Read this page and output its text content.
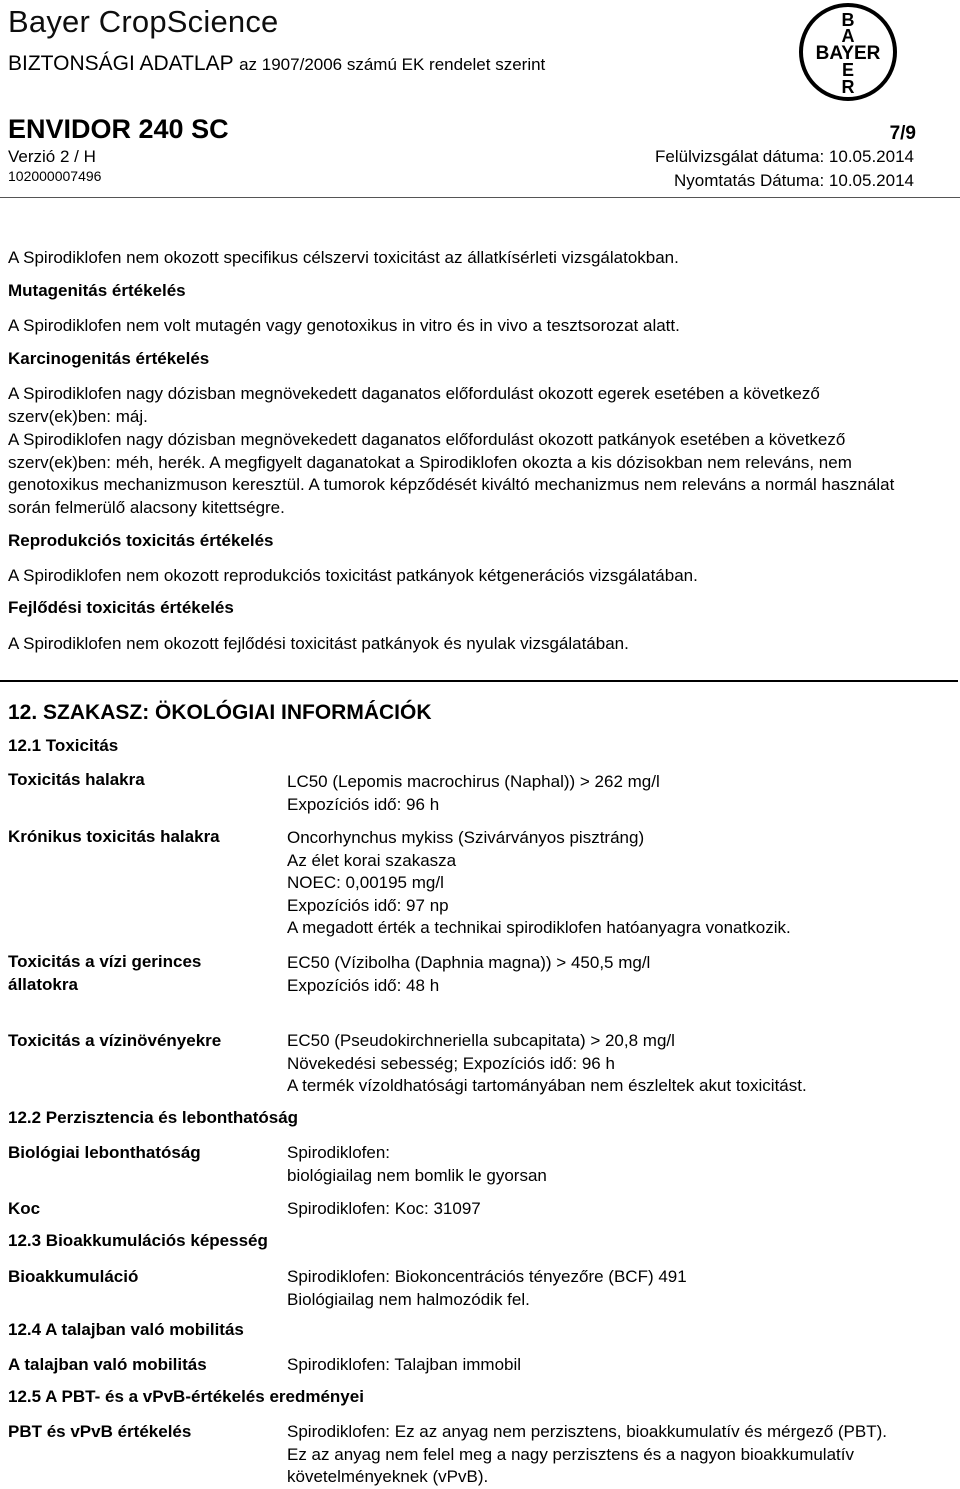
Bayer CropScience
BIZTONSÁGI ADATLAP az 1907/2006 számú EK rendelet szerint
B
A
BAYER
E
R
ENVIDOR 240 SC	7/9
Verzió 2 / H	Felülvizsgálat dátuma: 10.05.2014
102000007496	Nyomtatás Dátuma: 10.05.2014
A Spirodiklofen nem okozott specifikus célszervi toxicitást az állatkísérleti vizsgálatokban.
Mutagenitás értékelés
A Spirodiklofen nem volt mutagén vagy genotoxikus in vitro és in vivo a tesztsorozat alatt.
Karcinogenitás értékelés
A Spirodiklofen nagy dózisban megnövekedett daganatos előfordulást okozott egerek esetében a következő szerv(ek)ben: máj.
A Spirodiklofen nagy dózisban megnövekedett daganatos előfordulást okozott patkányok esetében a következő szerv(ek)ben: méh, herék. A megfigyelt daganatokat a Spirodiklofen okozta a kis dózisokban nem releváns, nem genotoxikus mechanizmuson keresztül. A tumorok képződését kiváltó mechanizmus nem releváns a normál használat során felmerülő alacsony kitettségre.
Reprodukciós toxicitás értékelés
A Spirodiklofen nem okozott reprodukciós toxicitást patkányok kétgenerációs vizsgálatában.
Fejlődési toxicitás értékelés
A Spirodiklofen nem okozott fejlődési toxicitást patkányok és nyulak vizsgálatában.
12. SZAKASZ: ÖKOLÓGIAI INFORMÁCIÓK
12.1 Toxicitás
Toxicitás halakra	LC50 (Lepomis macrochirus (Naphal)) > 262 mg/l
Expozíciós idő: 96 h
Krónikus toxicitás halakra	Oncorhynchus mykiss (Szivárványos pisztráng)
Az élet korai szakasza
NOEC: 0,00195 mg/l
Expozíciós idő: 97 np
A megadott érték a technikai spirodiklofen hatóanyagra vonatkozik.
Toxicitás a vízi gerinces állatokra
EC50 (Vízibolha (Daphnia magna)) > 450,5 mg/l
Expozíciós idő: 48 h
Toxicitás a vízinövényekre	EC50 (Pseudokirchneriella subcapitata) > 20,8 mg/l
Növekedési sebesség; Expozíciós idő: 96 h
A termék vízoldhatósági tartományában nem észleltek akut toxicitást.
12.2 Perzisztencia és lebonthatóság
Biológiai lebonthatóság	Spirodiklofen:
biológiailag nem bomlik le gyorsan
Koc	Spirodiklofen: Koc: 31097
12.3 Bioakkumulációs képesség
Bioakkumuláció	Spirodiklofen: Biokoncentrációs tényezőre (BCF) 491
Biológiailag nem halmozódik fel.
12.4 A talajban való mobilitás
A talajban való mobilitás	Spirodiklofen: Talajban immobil
12.5 A PBT- és a vPvB-értékelés eredményei
PBT és vPvB értékelés	Spirodiklofen: Ez az anyag nem perzisztens, bioakkumulatív és mérgező (PBT). Ez az anyag nem felel meg a nagy perzisztens és a nagyon bioakkumulatív követelményeknek (vPvB).
